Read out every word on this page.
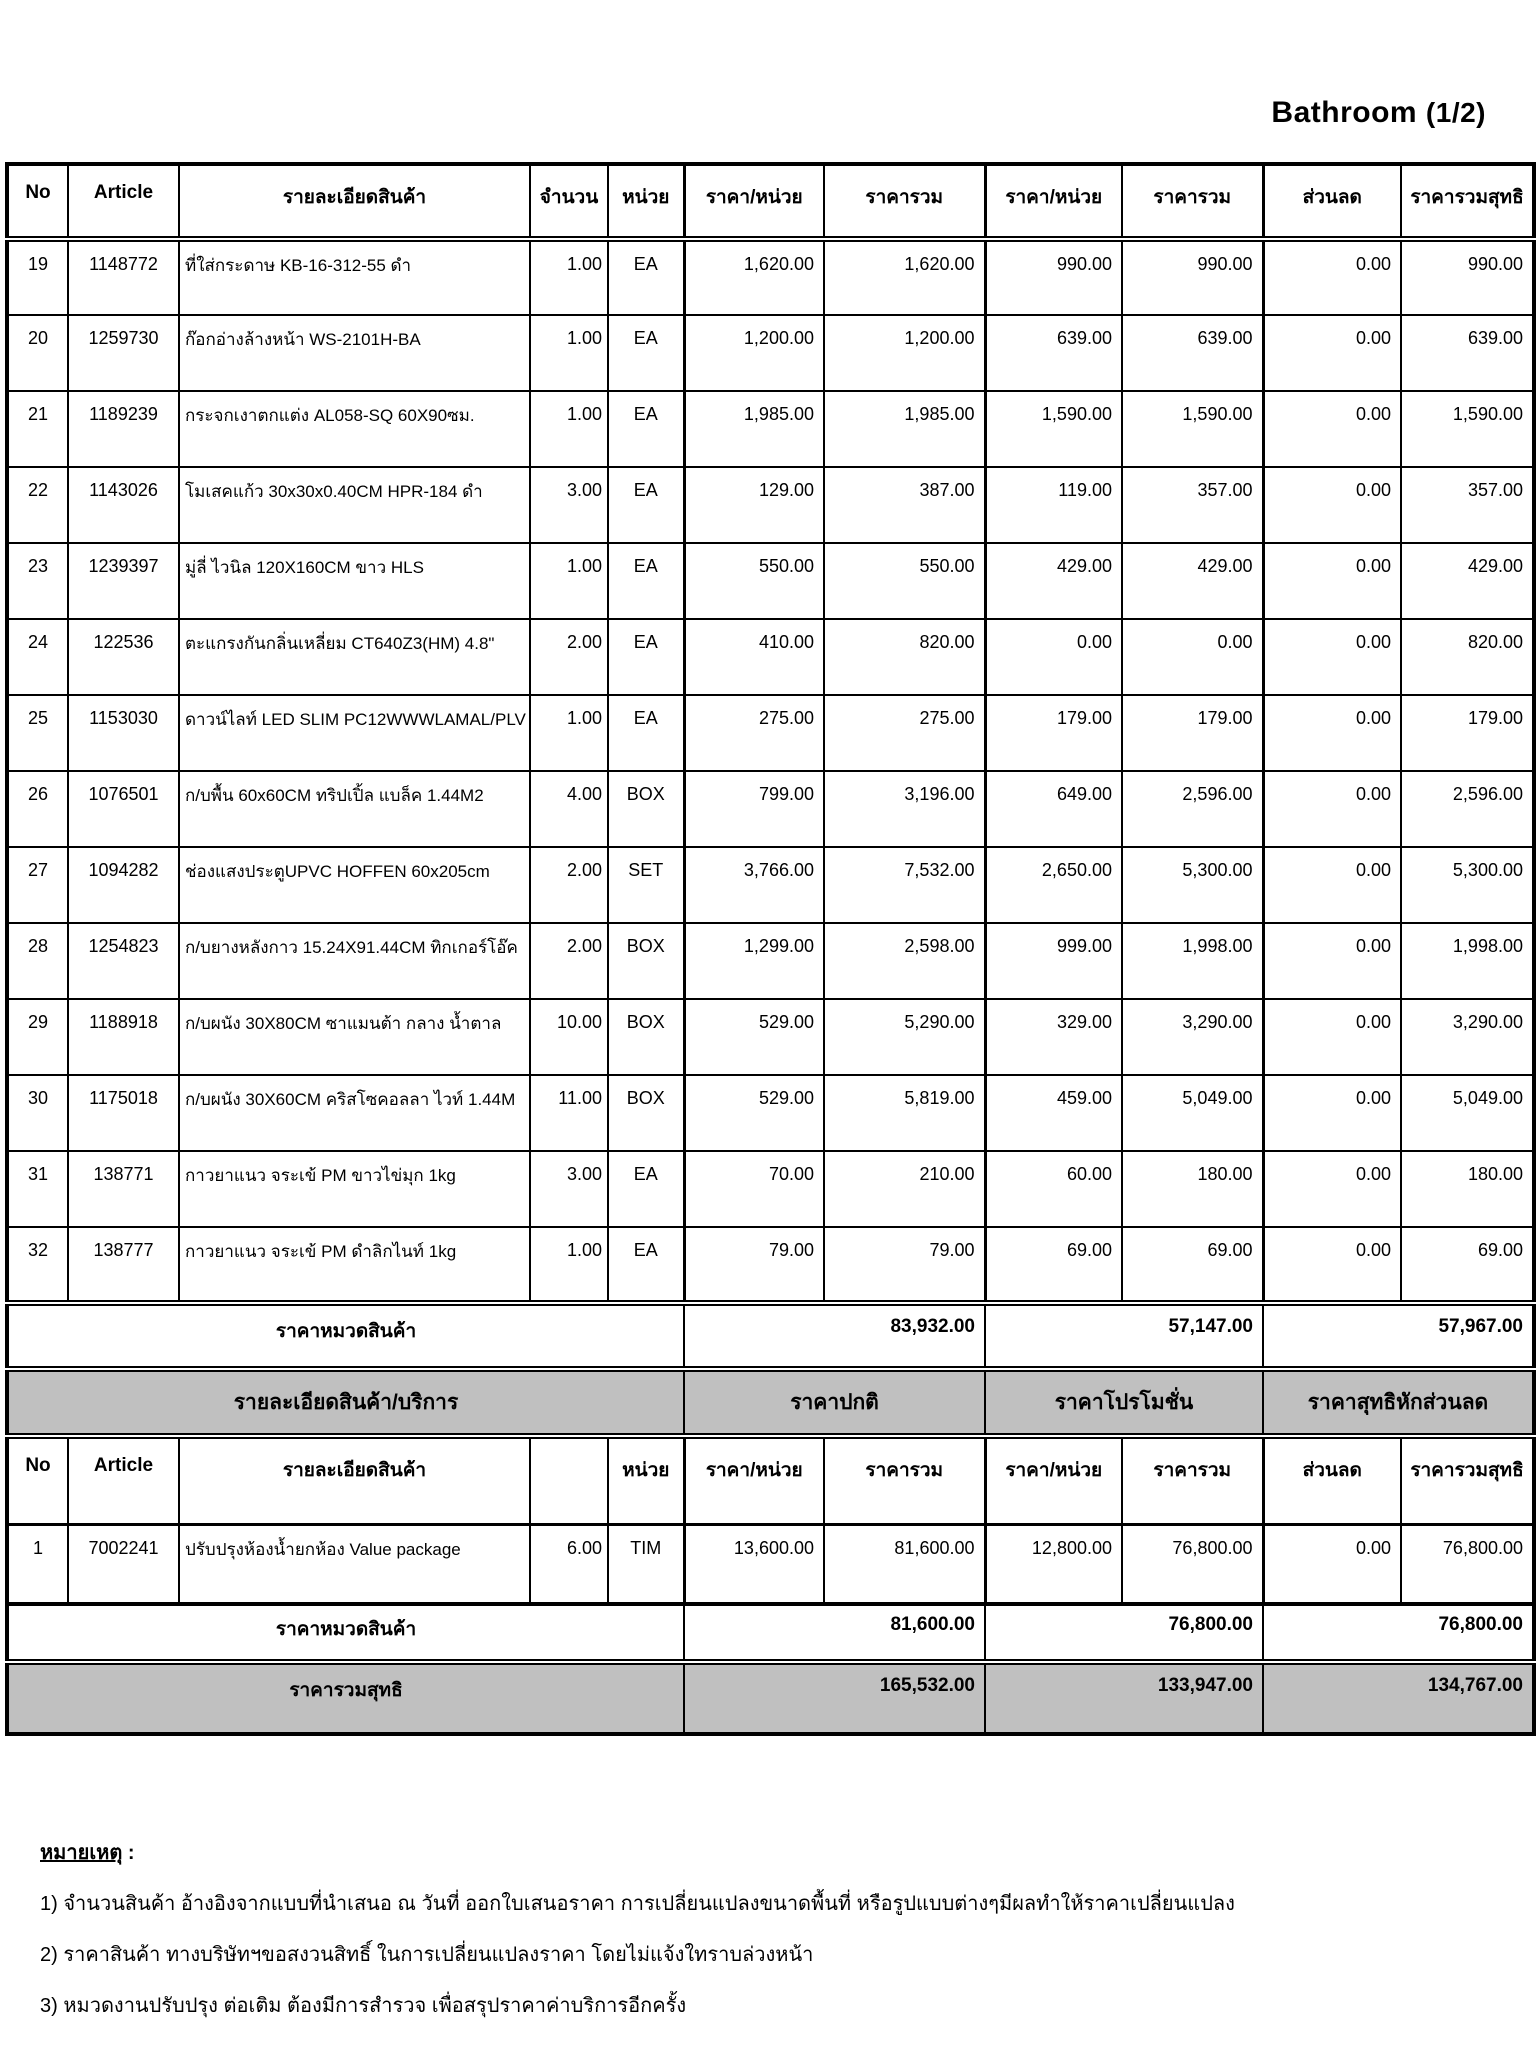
Bathroom (1/2)
No	Article	รายละเอียดสินค้า	จำนวน	หน่วย	ราคา/หน่วย	ราคารวม	ราคา/หน่วย	ราคารวม	ส่วนลด	ราคารวมสุทธิ
19	1148772	ที่ใส่กระดาษ KB-16-312-55 ดำ	1.00	EA	1,620.00	1,620.00	990.00	990.00	0.00	990.00
20	1259730	ก๊อกอ่างล้างหน้า WS-2101H-BA	1.00	EA	1,200.00	1,200.00	639.00	639.00	0.00	639.00
21	1189239	กระจกเงาตกแต่ง AL058-SQ 60X90ซม.	1.00	EA	1,985.00	1,985.00	1,590.00	1,590.00	0.00	1,590.00
22	1143026	โมเสคแก้ว 30x30x0.40CM HPR-184 ดำ	3.00	EA	129.00	387.00	119.00	357.00	0.00	357.00
23	1239397	มู่ลี่ ไวนิล 120X160CM ขาว HLS	1.00	EA	550.00	550.00	429.00	429.00	0.00	429.00
24	122536	ตะแกรงกันกลิ่นเหลี่ยม CT640Z3(HM) 4.8"	2.00	EA	410.00	820.00	0.00	0.00	0.00	820.00
25	1153030	ดาวน์ไลท์ LED SLIM PC12WWWLAMAL/PLV	1.00	EA	275.00	275.00	179.00	179.00	0.00	179.00
26	1076501	ก/บพื้น 60x60CM ทริปเปิ้ล แบล็ค 1.44M2	4.00	BOX	799.00	3,196.00	649.00	2,596.00	0.00	2,596.00
27	1094282	ช่องแสงประตูUPVC HOFFEN 60x205cm	2.00	SET	3,766.00	7,532.00	2,650.00	5,300.00	0.00	5,300.00
28	1254823	ก/บยางหลังกาว 15.24X91.44CM ทิกเกอร์โอ๊ค	2.00	BOX	1,299.00	2,598.00	999.00	1,998.00	0.00	1,998.00
29	1188918	ก/บผนัง 30X80CM ซาแมนต้า กลาง น้ำตาล	10.00	BOX	529.00	5,290.00	329.00	3,290.00	0.00	3,290.00
30	1175018	ก/บผนัง 30X60CM คริสโซคอลลา ไวท์ 1.44M	11.00	BOX	529.00	5,819.00	459.00	5,049.00	0.00	5,049.00
31	138771	กาวยาแนว จระเข้ PM ขาวไข่มุก 1kg	3.00	EA	70.00	210.00	60.00	180.00	0.00	180.00
32	138777	กาวยาแนว จระเข้ PM ดำลิกไนท์ 1kg	1.00	EA	79.00	79.00	69.00	69.00	0.00	69.00
ราคาหมวดสินค้า					83,932.00		57,147.00		57,967.00	
รายละเอียดสินค้า/บริการ					ราคาปกติ		ราคาโปรโมชั่น		ราคาสุทธิหักส่วนลด	
No	Article	รายละเอียดสินค้า		หน่วย	ราคา/หน่วย	ราคารวม	ราคา/หน่วย	ราคารวม	ส่วนลด	ราคารวมสุทธิ
1	7002241	ปรับปรุงห้องน้ำยกห้อง Value package	6.00	TIM	13,600.00	81,600.00	12,800.00	76,800.00	0.00	76,800.00
ราคาหมวดสินค้า					81,600.00		76,800.00		76,800.00	
ราคารวมสุทธิ					165,532.00		133,947.00		134,767.00	
หมายเหตุ :
1) จำนวนสินค้า อ้างอิงจากแบบที่นำเสนอ ณ วันที่ ออกใบเสนอราคา การเปลี่ยนแปลงขนาดพื้นที่ หรือรูปแบบต่างๆมีผลทำให้ราคาเปลี่ยนแปลง
2) ราคาสินค้า ทางบริษัทฯขอสงวนสิทธิ์ ในการเปลี่ยนแปลงราคา โดยไม่แจ้งใทราบล่วงหน้า
3) หมวดงานปรับปรุง ต่อเติม ต้องมีการสำรวจ เพื่อสรุปราคาค่าบริการอีกครั้ง
